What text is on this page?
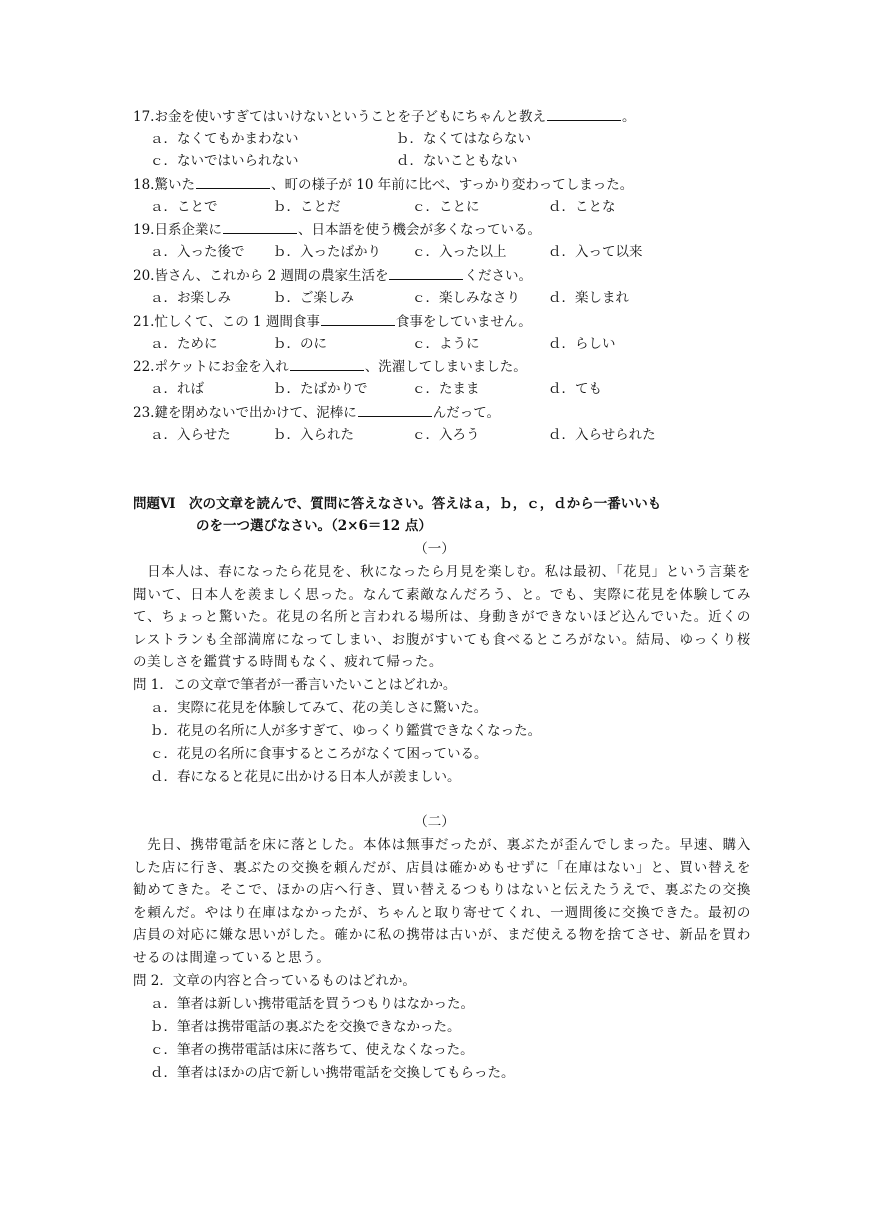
17.お金を使いすぎてはいけないということを子どもにちゃんと教え	。
ａ．なくてもかまわない	ｂ．なくてはならない
ｃ．ないではいられない	ｄ．ないこともない
18.驚いた	、町の様子が 10 年前に比べ、すっかり変わってしまった。
ａ．ことで	ｂ．ことだ	ｃ．ことに	ｄ．ことな
19.日系企業に	、日本語を使う機会が多くなっている。
ａ．入った後で ｂ．入ったばかり ｃ．入った以上	ｄ．入って以来
20.皆さん、これから 2 週間の農家生活を	ください。
ａ．お楽しみ	ｂ．ご楽しみ	ｃ．楽しみなさり ｄ．楽しまれ
21.忙しくて、この 1 週間食事	食事をしていません。
ａ．ために	ｂ．のに	ｃ．ように	ｄ．らしい
22.ポケットにお金を入れ	、洗濯してしまいました。
ａ．れば	ｂ．たばかりで	ｃ．たまま	ｄ．ても
23.鍵を閉めないで出かけて、泥棒に	んだって。
ａ．入らせた	ｂ．入られた	ｃ．入ろう	ｄ．入らせられた
問題Ⅵ　次の文章を読んで、質問に答えなさい。答えはａ，ｂ，ｃ，ｄから一番いいも
のを一つ選びなさい。（2×6＝12 点）
（一）
日本人は、春になったら花見を、秋になったら月見を楽しむ。私は最初、「花見」という言葉を聞いて、日本人を羨ましく思った。なんて素敵なんだろう、と。でも、実際に花見を体験してみて、ちょっと驚いた。花見の名所と言われる場所は、身動きができないほど込んでいた。近くのレストランも全部満席になってしまい、お腹がすいても食べるところがない。結局、ゆっくり桜の美しさを鑑賞する時間もなく、疲れて帰った。
問 1．この文章で筆者が一番言いたいことはどれか。
ａ．実際に花見を体験してみて、花の美しさに驚いた。
ｂ．花見の名所に人が多すぎて、ゆっくり鑑賞できなくなった。
ｃ．花見の名所に食事するところがなくて困っている。
ｄ．春になると花見に出かける日本人が羨ましい。
（二）
先日、携帯電話を床に落とした。本体は無事だったが、裏ぶたが歪んでしまった。早速、購入した店に行き、裏ぶたの交換を頼んだが、店員は確かめもせずに「在庫はない」と、買い替えを勧めてきた。そこで、ほかの店へ行き、買い替えるつもりはないと伝えたうえで、裏ぶたの交換を頼んだ。やはり在庫はなかったが、ちゃんと取り寄せてくれ、一週間後に交換できた。最初の店員の対応に嫌な思いがした。確かに私の携帯は古いが、まだ使える物を捨てさせ、新品を買わせるのは間違っていると思う。
問 2．文章の内容と合っているものはどれか。
ａ．筆者は新しい携帯電話を買うつもりはなかった。
ｂ．筆者は携帯電話の裏ぶたを交換できなかった。
ｃ．筆者の携帯電話は床に落ちて、使えなくなった。
ｄ．筆者はほかの店で新しい携帯電話を交換してもらった。
